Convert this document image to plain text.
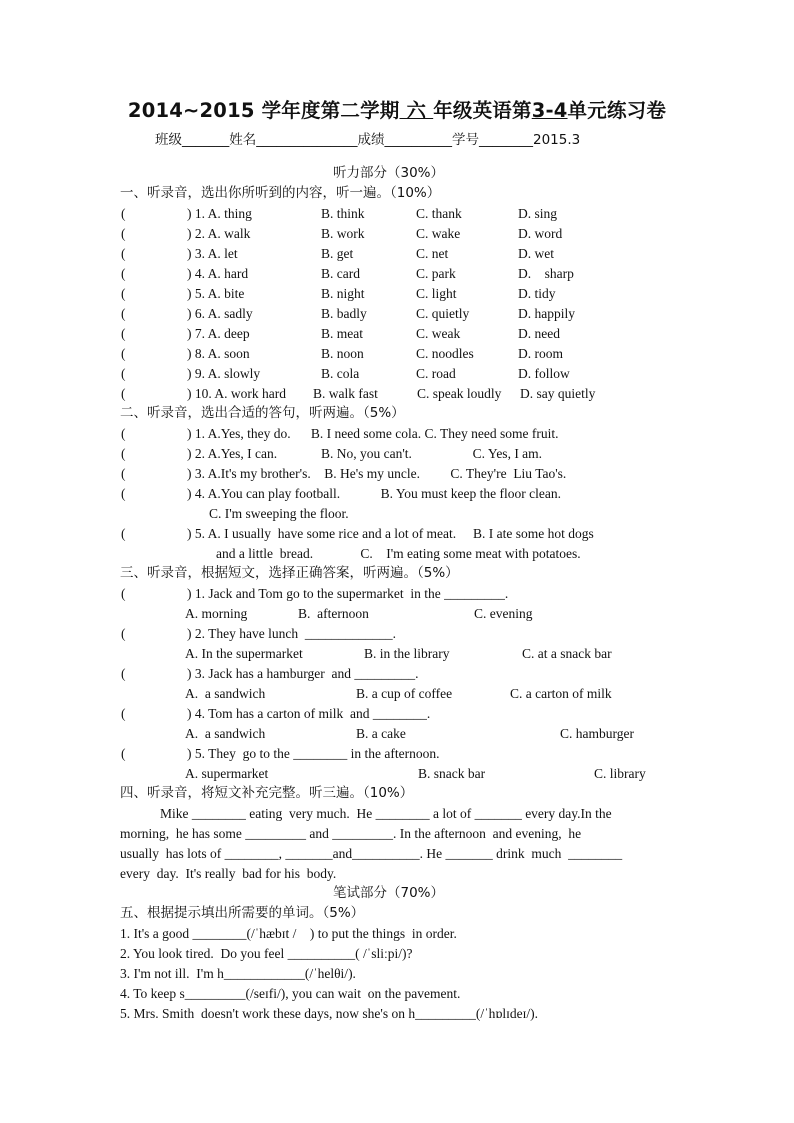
2014~2015 学年度第二学期 六 年级英语第3-4单元练习卷
班级_______姓名_______________成绩__________学号________2015.3
听力部分（30%）
一、听录音，选出你所听到的内容，听一遍。（10%）
(	) 1. A. thing	B. think	C. thank	D. sing
(	) 2. A. walk	B. work	C. wake	D. word
(	) 3. A. let	B. get	C. net	D. wet
(	) 4. A. hard	B. card	C. park	D.    sharp
(	) 5. A. bite	B. night	C. light	D. tidy
(	) 6. A. sadly	B. badly	C. quietly	D. happily
(	) 7. A. deep	B. meat	C. weak	D. need
(	) 8. A. soon	B. noon	C. noodles	D. room
(	) 9. A. slowly	B. cola	C. road	D. follow
(	) 10. A. work hard B. walk fast	C. speak loudly D. say quietly
二、听录音，选出合适的答句，听两遍。（5%）
(	) 1. A.Yes, they do.      B. I need some cola. C. They need some fruit.
(	) 2. A.Yes, I can.             B. No, you can't.                  C. Yes, I am.
(	) 3. A.It's my brother's.    B. He's my uncle.         C. They're  Liu Tao's.
(	) 4. A.You can play football.            B. You must keep the floor clean.
C. I'm sweeping the floor.
(	) 5. A. I usually  have some rice and a lot of meat.     B. I ate some hot dogs
and a little  bread.              C.    I'm eating some meat with potatoes.
三、听录音，根据短文，选择正确答案，听两遍。（5%）
(	) 1. Jack and Tom go to the supermarket  in the _________.
A. morning	B.  afternoon	C. evening
(	) 2. They have lunch  _____________.
A. In the supermarket	B. in the library	C. at a snack bar
(	) 3. Jack has a hamburger  and _________.
A.  a sandwich	B. a cup of coffee	C. a carton of milk
(	) 4. Tom has a carton of milk  and ________.
A.  a sandwich	B. a cake	C. hamburger
(	) 5. They  go to the ________ in the afternoon.
A. supermarket	B. snack bar	C. library
四、听录音，将短文补充完整。听三遍。（10%）
Mike ________ eating  very much.  He ________ a lot of _______ every day.In the
morning,  he has some _________ and _________. In the afternoon  and evening,  he
usually  has lots of ________, _______and__________. He _______ drink  much  ________
every  day.  It's really  bad for his  body.
笔试部分（70%）
五、根据提示填出所需要的单词。（5%）
1. It's a good ________(/ˈhæbɪt /    ) to put the things  in order.
2. You look tired.  Do you feel __________( /ˈsliːpi/)?
3. I'm not ill.  I'm h____________(/ˈhelθi/).
4. To keep s_________(/seɪfi/), you can wait  on the pavement.
5. Mrs. Smith  doesn't work these days, now she's on h_________(/ˈhɒlɪdeɪ/).
